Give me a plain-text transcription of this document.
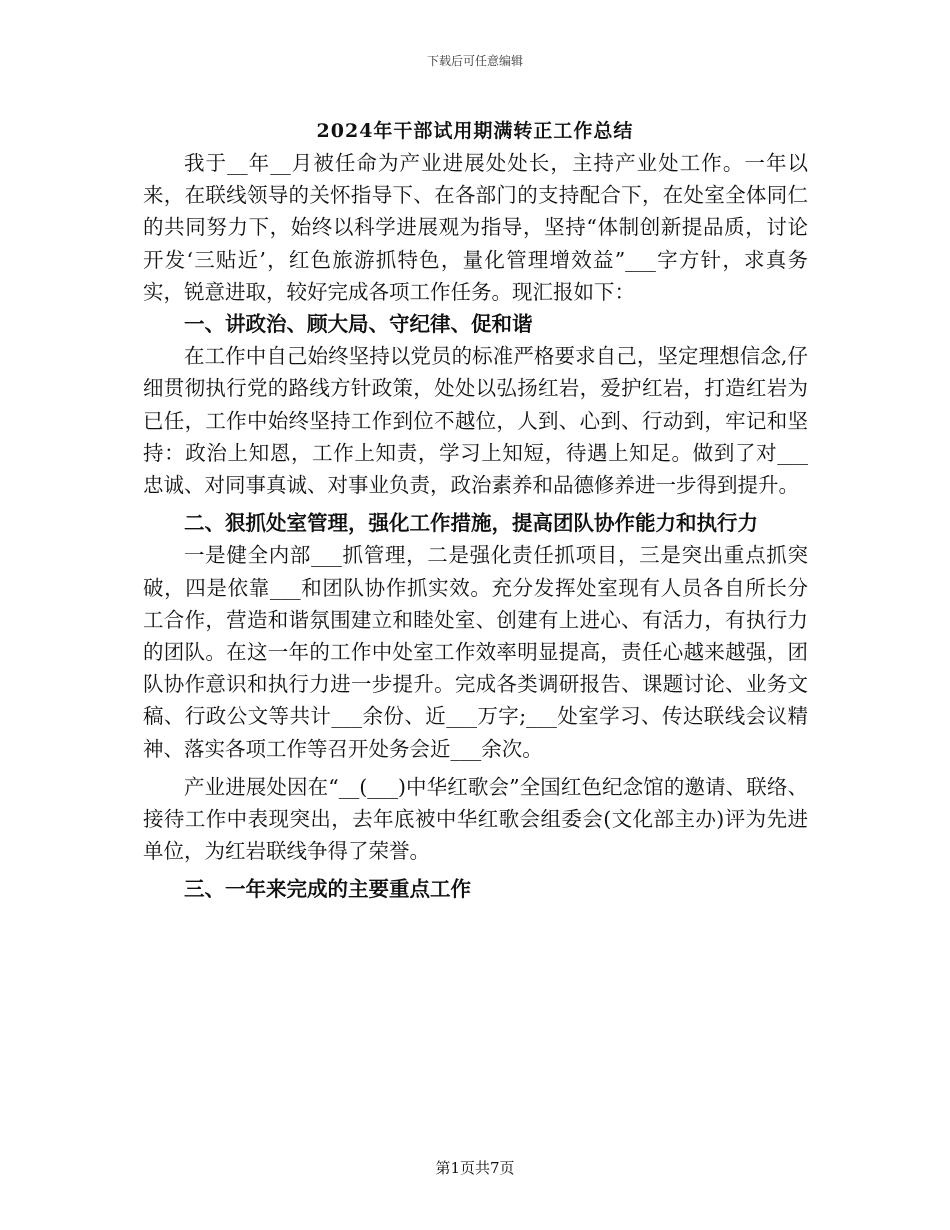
下载后可任意编辑
2024年干部试用期满转正工作总结

我于__年__月被任命为产业进展处处长，主持产业处工作。一年以来，在联线领导的关怀指导下、在各部门的支持配合下，在处室全体同仁的共同努力下，始终以科学进展观为指导，坚持“体制创新提品质，讨论开发‘三贴近’，红色旅游抓特色，量化管理增效益”___字方针，求真务实，锐意进取，较好完成各项工作任务。现汇报如下：

一、讲政治、顾大局、守纪律、促和谐

在工作中自己始终坚持以党员的标准严格要求自己，坚定理想信念,仔细贯彻执行党的路线方针政策，处处以弘扬红岩，爱护红岩，打造红岩为已任，工作中始终坚持工作到位不越位，人到、心到、行动到，牢记和坚持：政治上知恩，工作上知责，学习上知短，待遇上知足。做到了对___忠诚、对同事真诚、对事业负责，政治素养和品德修养进一步得到提升。

二、狠抓处室管理，强化工作措施，提高团队协作能力和执行力

一是健全内部___抓管理，二是强化责任抓项目，三是突出重点抓突破，四是依靠___和团队协作抓实效。充分发挥处室现有人员各自所长分工合作，营造和谐氛围建立和睦处室、创建有上进心、有活力，有执行力的团队。在这一年的工作中处室工作效率明显提高，责任心越来越强，团队协作意识和执行力进一步提升。完成各类调研报告、课题讨论、业务文稿、行政公文等共计___余份、近___万字;___处室学习、传达联线会议精神、落实各项工作等召开处务会近___余次。

产业进展处因在“__(___)中华红歌会”全国红色纪念馆的邀请、联络、接待工作中表现突出，去年底被中华红歌会组委会(文化部主办)评为先进单位，为红岩联线争得了荣誉。

三、一年来完成的主要重点工作
第1页共7页
